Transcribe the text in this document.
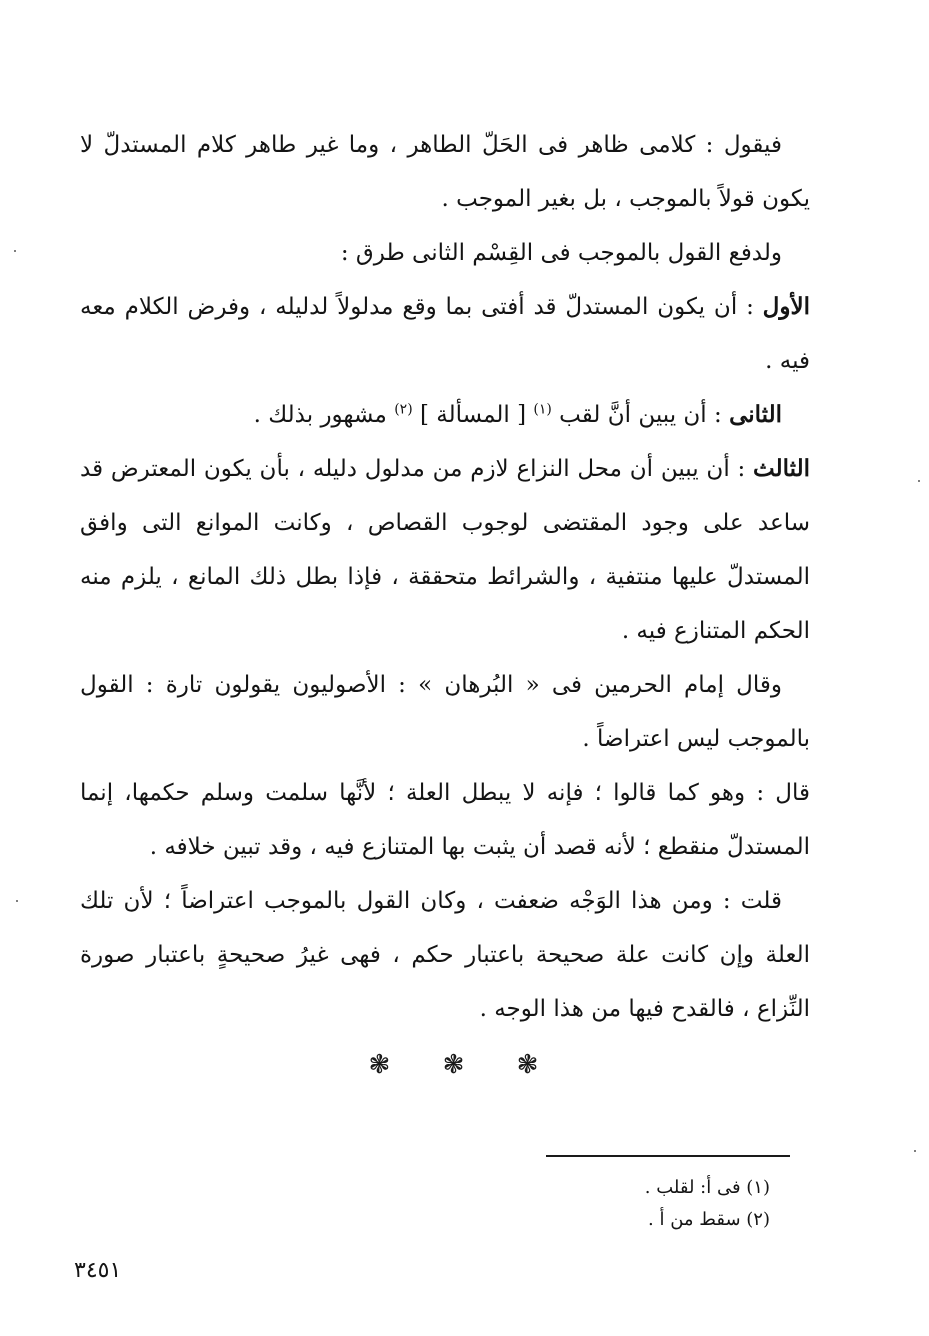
فيقول : كلامى ظاهر فى الحَلّ الطاهر ، وما غير طاهر كلام المستدلّ لا يكون قولاً بالموجب ، بل بغير الموجب .

ولدفع القول بالموجب فى القِسْم الثانى طرق :

الأول : أن يكون المستدلّ قد أفتى بما وقع مدلولاً لدليله ، وفرض الكلام معه فيه .

الثانى : أن يبين أنَّ لقب $^{(١)}$ [ المسألة ] $^{(٢)}$ مشهور بذلك .

الثالث : أن يبين أن محل النزاع لازم من مدلول دليله ، بأن يكون المعترض قد ساعد على وجود المقتضى لوجوب القصاص ، وكانت الموانع التى وافق المستدلّ عليها منتفية ، والشرائط متحققة ، فإذا بطل ذلك المانع ، يلزم منه الحكم المتنازع فيه .

وقال إمام الحرمين فى « البُرهان » : الأصوليون يقولون تارة : القول بالموجب ليس اعتراضاً .

قال : وهو كما قالوا ؛ فإنه لا يبطل العلة ؛ لأنَّها سلمت وسلم حكمها، إنما المستدلّ منقطع ؛ لأنه قصد أن يثبت بها المتنازع فيه ، وقد تبين خلافه .

قلت : ومن هذا الوَجْه ضعفت ، وكان القول بالموجب اعتراضاً ؛ لأن تلك العلة وإن كانت علة صحيحة باعتبار حكم ، فهى غيرُ صحيحةٍ باعتبار صورة النِّزاع ، فالقدح فيها من هذا الوجه .

❃ ❃ ❃

(١) فى أ: لقلب .

(٢) سقط من أ .

٣٤٥١
